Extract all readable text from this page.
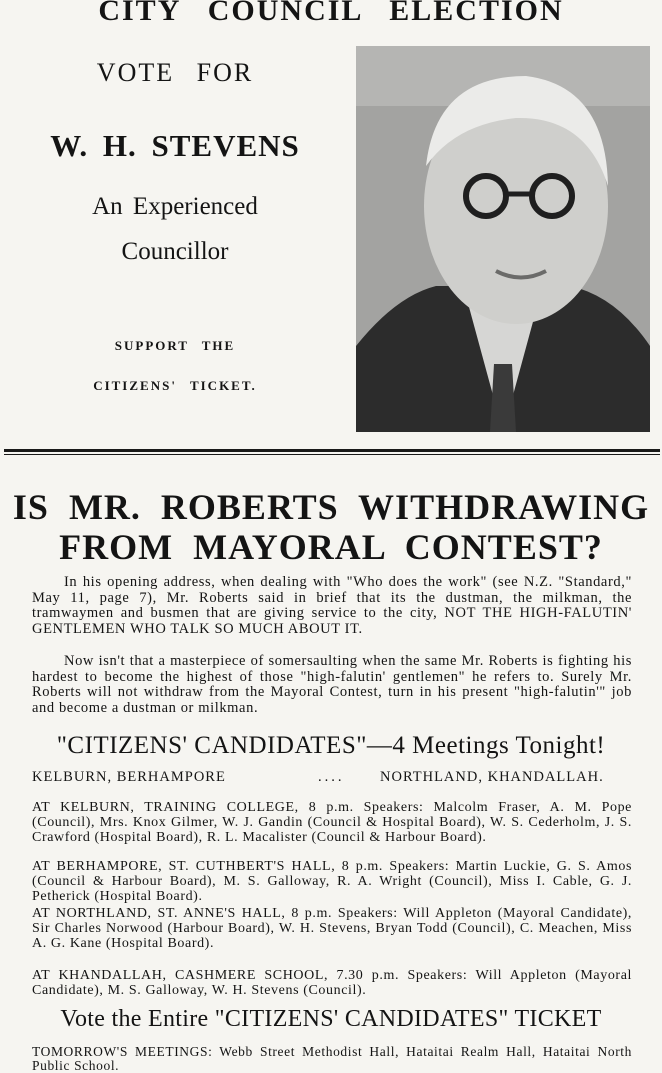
CITY COUNCIL ELECTION
VOTE FOR
W. H. STEVENS
An Experienced
Councillor
SUPPORT THE
CITIZENS' TICKET.
IS MR. ROBERTS WITHDRAWING
FROM MAYORAL CONTEST?
In his opening address, when dealing with "Who does the work" (see N.Z. "Standard," May 11, page 7), Mr. Roberts said in brief that its the dustman, the milkman, the tramwaymen and busmen that are giving service to the city, NOT THE HIGH-FALUTIN' GENTLEMEN WHO TALK SO MUCH ABOUT IT.
Now isn't that a masterpiece of somersaulting when the same Mr. Roberts is fighting his hardest to become the highest of those "high-falutin' gentlemen" he refers to. Surely Mr. Roberts will not withdraw from the Mayoral Contest, turn in his present "high-falutin'" job and become a dustman or milkman.
"CITIZENS' CANDIDATES"—4 Meetings Tonight!
KELBURN, BERHAMPORE	.... NORTHLAND, KHANDALLAH.
AT KELBURN, TRAINING COLLEGE, 8 p.m. Speakers: Malcolm Fraser, A. M. Pope (Council), Mrs. Knox Gilmer, W. J. Gandin (Council & Hospital Board), W. S. Cederholm, J. S. Crawford (Hospital Board), R. L. Macalister (Council & Harbour Board).
AT BERHAMPORE, ST. CUTHBERT'S HALL, 8 p.m. Speakers: Martin Luckie, G. S. Amos (Council & Harbour Board), M. S. Galloway, R. A. Wright (Council), Miss I. Cable, G. J. Petherick (Hospital Board).
AT NORTHLAND, ST. ANNE'S HALL, 8 p.m. Speakers: Will Appleton (Mayoral Candidate), Sir Charles Norwood (Harbour Board), W. H. Stevens, Bryan Todd (Council), C. Meachen, Miss A. G. Kane (Hospital Board).
AT KHANDALLAH, CASHMERE SCHOOL, 7.30 p.m. Speakers: Will Appleton (Mayoral Candidate), M. S. Galloway, W. H. Stevens (Council).
Vote the Entire "CITIZENS' CANDIDATES" TICKET
TOMORROW'S MEETINGS: Webb Street Methodist Hall, Hataitai Realm Hall, Hataitai North Public School.
